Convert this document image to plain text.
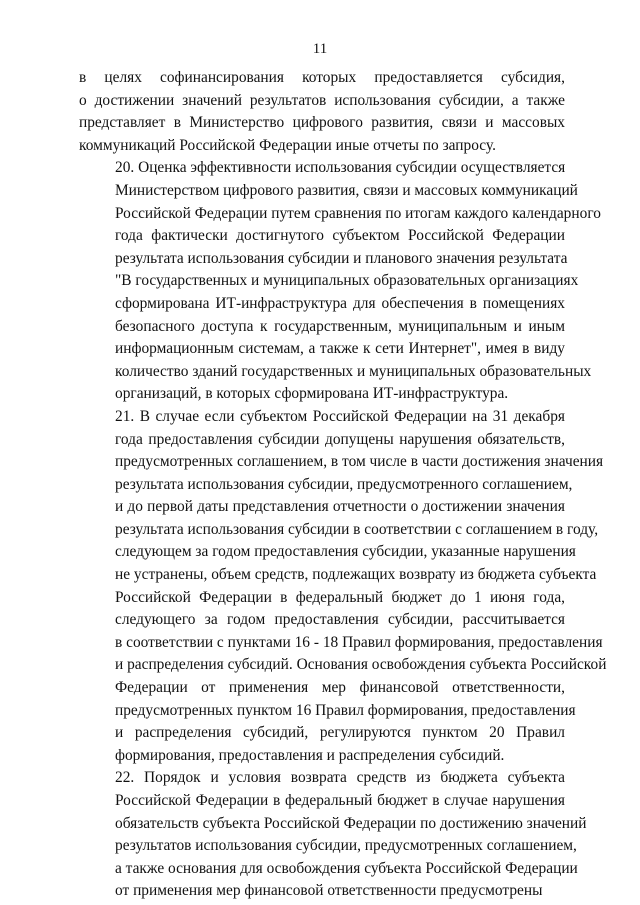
11

в целях софинансирования которых предоставляется субсидия,
о достижении значений результатов использования субсидии, а также
представляет в Министерство цифрового развития, связи и массовых
коммуникаций Российской Федерации иные отчеты по запросу.

20. Оценка эффективности использования субсидии осуществляется
Министерством цифрового развития, связи и массовых коммуникаций
Российской Федерации путем сравнения по итогам каждого календарного
года фактически достигнутого субъектом Российской Федерации
результата использования субсидии и планового значения результата
"В государственных и муниципальных образовательных организациях
сформирована ИТ-инфраструктура для обеспечения в помещениях
безопасного доступа к государственным, муниципальным и иным
информационным системам, а также к сети Интернет", имея в виду
количество зданий государственных и муниципальных образовательных
организаций, в которых сформирована ИТ-инфраструктура.

21. В случае если субъектом Российской Федерации на 31 декабря
года предоставления субсидии допущены нарушения обязательств,
предусмотренных соглашением, в том числе в части достижения значения
результата использования субсидии, предусмотренного соглашением,
и до первой даты представления отчетности о достижении значения
результата использования субсидии в соответствии с соглашением в году,
следующем за годом предоставления субсидии, указанные нарушения
не устранены, объем средств, подлежащих возврату из бюджета субъекта
Российской Федерации в федеральный бюджет до 1 июня года,
следующего за годом предоставления субсидии, рассчитывается
в соответствии с пунктами 16 - 18 Правил формирования, предоставления
и распределения субсидий. Основания освобождения субъекта Российской
Федерации от применения мер финансовой ответственности,
предусмотренных пунктом 16 Правил формирования, предоставления
и распределения субсидий, регулируются пунктом 20 Правил
формирования, предоставления и распределения субсидий.

22. Порядок и условия возврата средств из бюджета субъекта
Российской Федерации в федеральный бюджет в случае нарушения
обязательств субъекта Российской Федерации по достижению значений
результатов использования субсидии, предусмотренных соглашением,
а также основания для освобождения субъекта Российской Федерации
от применения мер финансовой ответственности предусмотрены
